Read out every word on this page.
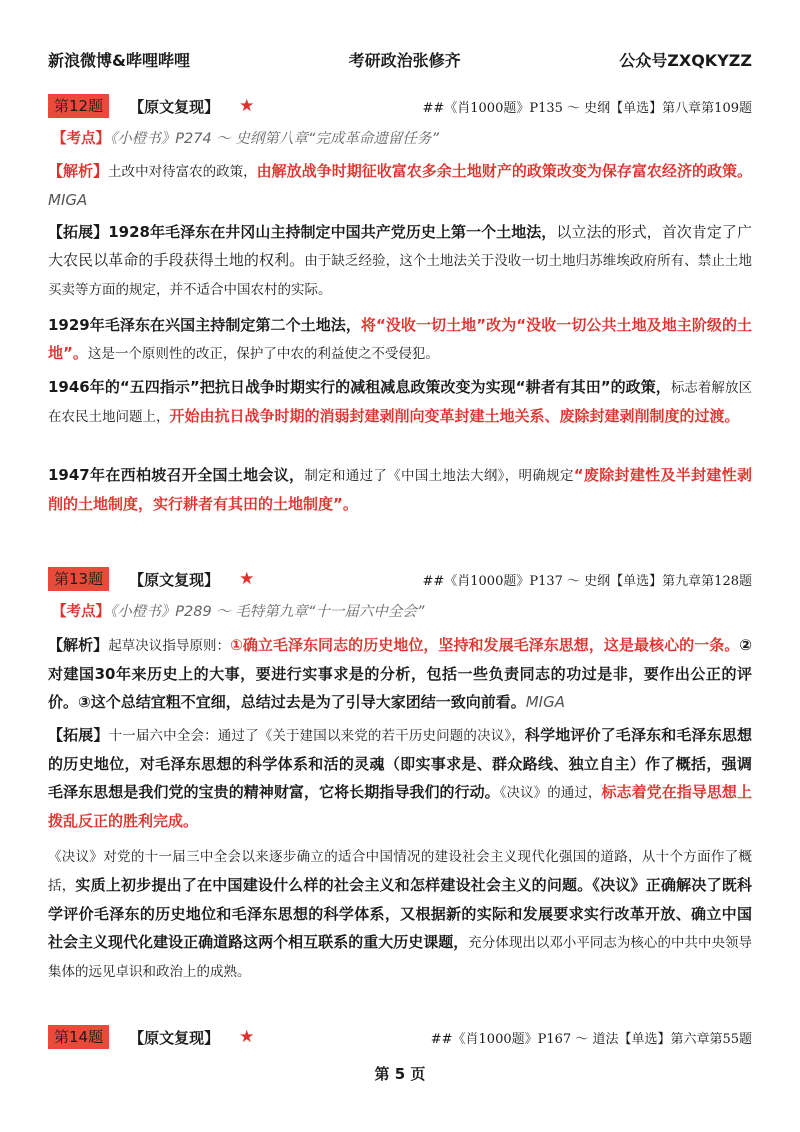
新浪微博&哔哩哔哩	考研政治张修齐	公众号ZXQKYZZ
第12题	【原文复现】 ★	##《肖1000题》P135 ～ 史纲【单选】第八章第109题
【考点】《小橙书》P274 ～ 史纲第八章“完成革命遗留任务”
【解析】土改中对待富农的政策，由解放战争时期征收富农多余土地财产的政策改变为保存富农经济的政策。MIGA
【拓展】1928年毛泽东在井冈山主持制定中国共产党历史上第一个土地法，以立法的形式，首次肯定了广大农民以革命的手段获得土地的权利。由于缺乏经验，这个土地法关于没收一切土地归苏维埃政府所有、禁止土地买卖等方面的规定，并不适合中国农村的实际。
1929年毛泽东在兴国主持制定第二个土地法，将“没收一切土地”改为“没收一切公共土地及地主阶级的土地”。这是一个原则性的改正，保护了中农的利益使之不受侵犯。
1946年的“五四指示”把抗日战争时期实行的减租减息政策改变为实现“耕者有其田”的政策，标志着解放区在农民土地问题上，开始由抗日战争时期的消弱封建剥削向变革封建土地关系、废除封建剥削制度的过渡。
1947年在西柏坡召开全国土地会议，制定和通过了《中国土地法大纲》，明确规定“废除封建性及半封建性剥削的土地制度，实行耕者有其田的土地制度”。
第13题	【原文复现】 ★	##《肖1000题》P137 ～ 史纲【单选】第九章第128题
【考点】《小橙书》P289 ～ 毛特第九章“十一届六中全会”
【解析】起草决议指导原则：①确立毛泽东同志的历史地位，坚持和发展毛泽东思想，这是最核心的一条。②对建国30年来历史上的大事，要进行实事求是的分析，包括一些负责同志的功过是非，要作出公正的评价。③这个总结宜粗不宜细，总结过去是为了引导大家团结一致向前看。MIGA
【拓展】十一届六中全会：通过了《关于建国以来党的若干历史问题的决议》，科学地评价了毛泽东和毛泽东思想的历史地位，对毛泽东思想的科学体系和活的灵魂（即实事求是、群众路线、独立自主）作了概括，强调毛泽东思想是我们党的宝贵的精神财富，它将长期指导我们的行动。《决议》的通过，标志着党在指导思想上拨乱反正的胜利完成。
《决议》对党的十一届三中全会以来逐步确立的适合中国情况的建设社会主义现代化强国的道路，从十个方面作了概括，实质上初步提出了在中国建设什么样的社会主义和怎样建设社会主义的问题。《决议》正确解决了既科学评价毛泽东的历史地位和毛泽东思想的科学体系，又根据新的实际和发展要求实行改革开放、确立中国社会主义现代化建设正确道路这两个相互联系的重大历史课题，充分体现出以邓小平同志为核心的中共中央领导集体的远见卓识和政治上的成熟。
第14题	【原文复现】 ★	##《肖1000题》P167 ～ 道法【单选】第六章第55题
第 5 页
